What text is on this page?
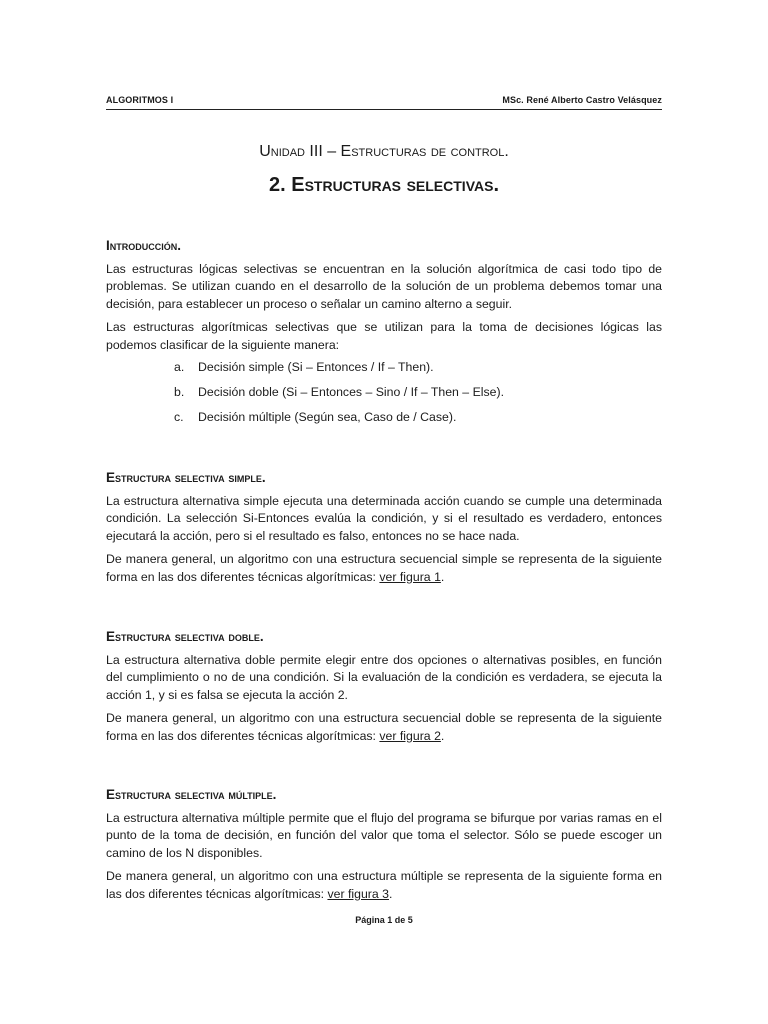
ALGORITMOS I	MSc. René Alberto Castro Velásquez
Unidad III – Estructuras de control.
2. Estructuras selectivas.
Introducción.

Las estructuras lógicas selectivas se encuentran en la solución algorítmica de casi todo tipo de problemas. Se utilizan cuando en el desarrollo de la solución de un problema debemos tomar una decisión, para establecer un proceso o señalar un camino alterno a seguir.

Las estructuras algorítmicas selectivas que se utilizan para la toma de decisiones lógicas las podemos clasificar de la siguiente manera:

a.	Decisión simple (Si – Entonces / If – Then).
b.	Decisión doble (Si – Entonces – Sino / If – Then – Else).
c.	Decisión múltiple (Según sea, Caso de / Case).
Estructura selectiva simple.

La estructura alternativa simple ejecuta una determinada acción cuando se cumple una determinada condición. La selección Si-Entonces evalúa la condición, y si el resultado es verdadero, entonces ejecutará la acción, pero si el resultado es falso, entonces no se hace nada.

De manera general, un algoritmo con una estructura secuencial simple se representa de la siguiente forma en las dos diferentes técnicas algorítmicas: ver figura 1.

Estructura selectiva doble.

La estructura alternativa doble permite elegir entre dos opciones o alternativas posibles, en función del cumplimiento o no de una condición. Si la evaluación de la condición es verdadera, se ejecuta la acción 1, y si es falsa se ejecuta la acción 2.

De manera general, un algoritmo con una estructura secuencial doble se representa de la siguiente forma en las dos diferentes técnicas algorítmicas: ver figura 2.

Estructura selectiva múltiple.

La estructura alternativa múltiple permite que el flujo del programa se bifurque por varias ramas en el punto de la toma de decisión, en función del valor que toma el selector. Sólo se puede escoger un camino de los N disponibles.

De manera general, un algoritmo con una estructura múltiple se representa de la siguiente forma en las dos diferentes técnicas algorítmicas: ver figura 3.

Página 1 de 5
